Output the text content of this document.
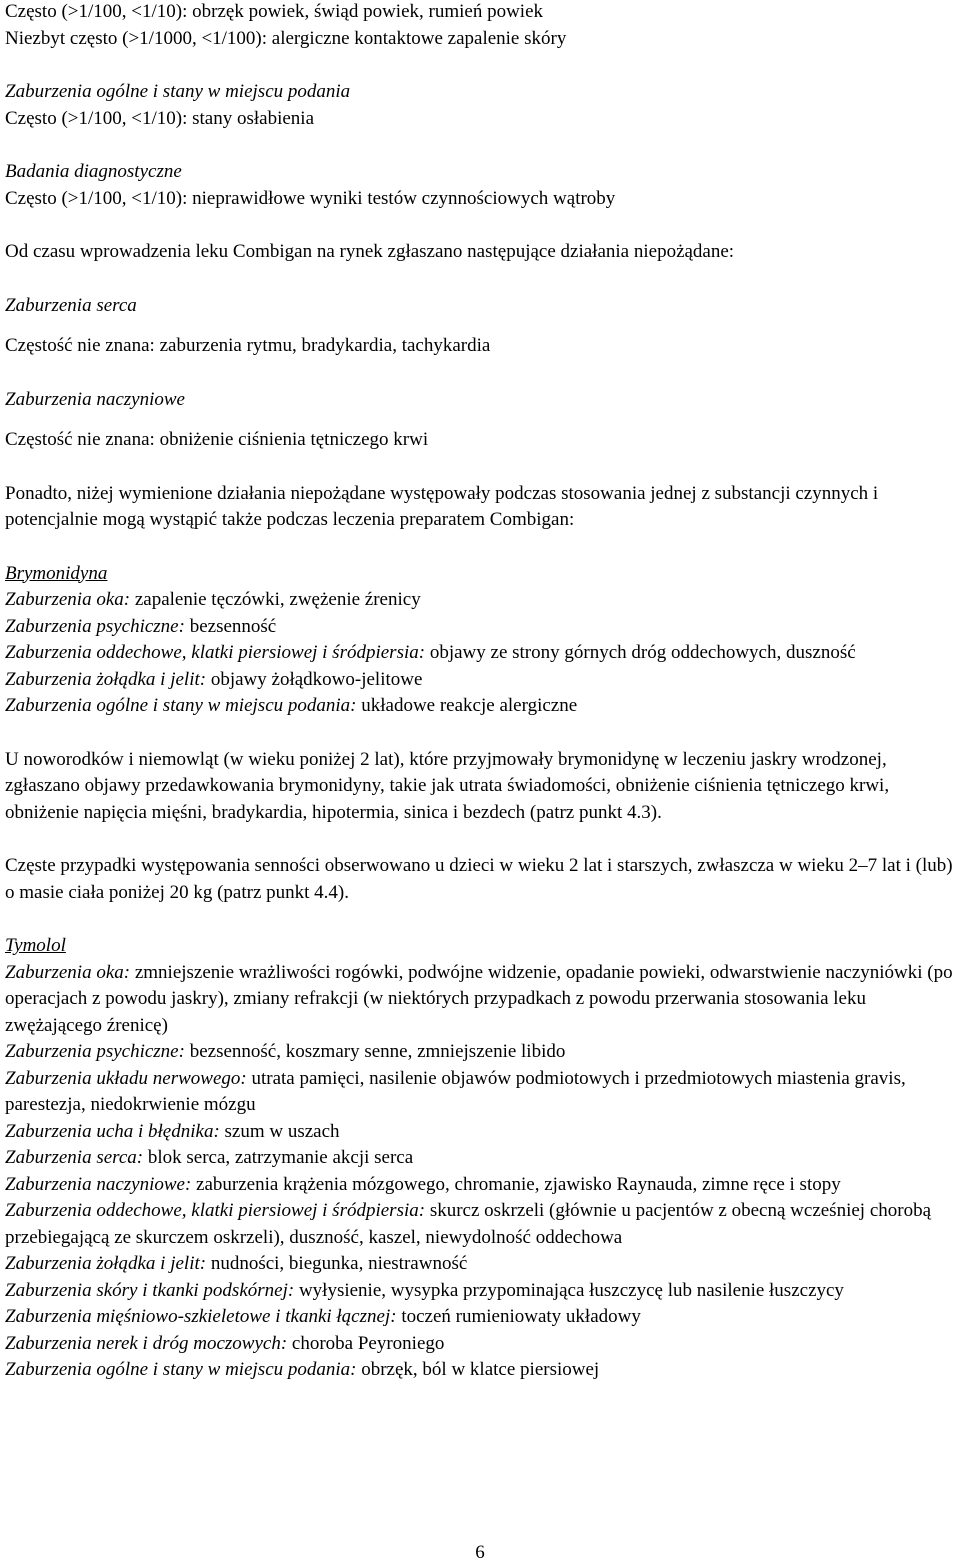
Często (>1/100, <1/10): obrzęk powiek, świąd powiek, rumień powiek

Niezbyt często (>1/1000, <1/100): alergiczne kontaktowe zapalenie skóry

Zaburzenia ogólne i stany w miejscu podania

Często (>1/100, <1/10): stany osłabienia

Badania diagnostyczne

Często (>1/100, <1/10): nieprawidłowe wyniki testów czynnościowych wątroby

Od czasu wprowadzenia leku Combigan na rynek zgłaszano następujące działania niepożądane:

Zaburzenia serca

Częstość nie znana: zaburzenia rytmu, bradykardia, tachykardia

Zaburzenia naczyniowe

Częstość nie znana: obniżenie ciśnienia tętniczego krwi

Ponadto, niżej wymienione działania niepożądane występowały podczas stosowania jednej z substancji czynnych i potencjalnie mogą wystąpić także podczas leczenia preparatem Combigan:

Brymonidyna

Zaburzenia oka: zapalenie tęczówki, zwężenie źrenicy

Zaburzenia psychiczne: bezsenność

Zaburzenia oddechowe, klatki piersiowej i śródpiersia: objawy ze strony górnych dróg oddechowych, duszność

Zaburzenia żołądka i jelit: objawy żołądkowo-jelitowe

Zaburzenia ogólne i stany w miejscu podania: układowe reakcje alergiczne

U noworodków i niemowląt (w wieku poniżej 2 lat), które przyjmowały brymonidynę w leczeniu jaskry wrodzonej, zgłaszano objawy przedawkowania brymonidyny, takie jak utrata świadomości, obniżenie ciśnienia tętniczego krwi, obniżenie napięcia mięśni, bradykardia, hipotermia, sinica i bezdech (patrz punkt 4.3).

Częste przypadki występowania senności obserwowano u dzieci w wieku 2 lat i starszych, zwłaszcza w wieku 2–7 lat i (lub) o masie ciała poniżej 20 kg (patrz punkt 4.4).

Tymolol

Zaburzenia oka: zmniejszenie wrażliwości rogówki, podwójne widzenie, opadanie powieki, odwarstwienie naczyniówki (po operacjach z powodu jaskry), zmiany refrakcji (w niektórych przypadkach z powodu przerwania stosowania leku zwężającego źrenicę)

Zaburzenia psychiczne: bezsenność, koszmary senne, zmniejszenie libido

Zaburzenia układu nerwowego: utrata pamięci, nasilenie objawów podmiotowych i przedmiotowych miastenia gravis, parestezja, niedokrwienie mózgu

Zaburzenia ucha i błędnika: szum w uszach

Zaburzenia serca: blok serca, zatrzymanie akcji serca

Zaburzenia naczyniowe: zaburzenia krążenia mózgowego, chromanie, zjawisko Raynauda, zimne ręce i stopy

Zaburzenia oddechowe, klatki piersiowej i śródpiersia: skurcz oskrzeli (głównie u pacjentów z obecną wcześniej chorobą przebiegającą ze skurczem oskrzeli), duszność, kaszel, niewydolność oddechowa

Zaburzenia żołądka i jelit: nudności, biegunka, niestrawność

Zaburzenia skóry i tkanki podskórnej: wyłysienie, wysypka przypominająca łuszczycę lub nasilenie łuszczycy

Zaburzenia mięśniowo-szkieletowe i tkanki łącznej: toczeń rumieniowaty układowy

Zaburzenia nerek i dróg moczowych: choroba Peyroniego

Zaburzenia ogólne i stany w miejscu podania: obrzęk, ból w klatce piersiowej

6
